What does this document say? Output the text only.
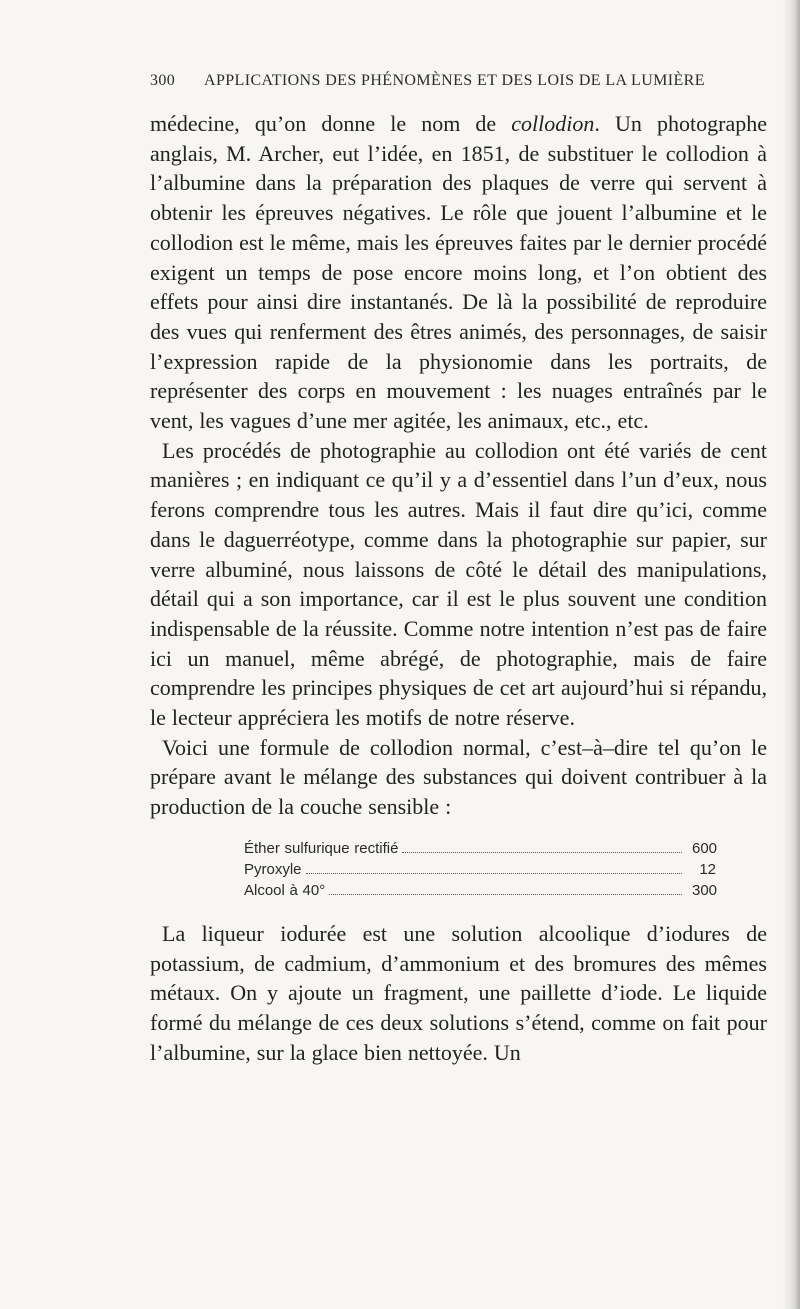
300 APPLICATIONS DES PHÉNOMÈNES ET DES LOIS DE LA LUMIÈRE

médecine, qu’on donne le nom de collodion. Un photographe anglais, M. Archer, eut l’idée, en 1851, de substituer le collodion à l’albumine dans la préparation des plaques de verre qui servent à obtenir les épreuves négatives. Le rôle que jouent l’albumine et le collodion est le même, mais les épreuves faites par le dernier procédé exigent un temps de pose encore moins long, et l’on obtient des effets pour ainsi dire instantanés. De là la possibilité de reproduire des vues qui renferment des êtres animés, des personnages, de saisir l’expression rapide de la physionomie dans les portraits, de représenter des corps en mouvement : les nuages entraînés par le vent, les vagues d’une mer agitée, les animaux, etc., etc.

Les procédés de photographie au collodion ont été variés de cent manières ; en indiquant ce qu’il y a d’essentiel dans l’un d’eux, nous ferons comprendre tous les autres. Mais il faut dire qu’ici, comme dans le daguerréotype, comme dans la photographie sur papier, sur verre albuminé, nous laissons de côté le détail des manipulations, détail qui a son importance, car il est le plus souvent une condition indispensable de la réussite. Comme notre intention n’est pas de faire ici un manuel, même abrégé, de photographie, mais de faire comprendre les principes physiques de cet art aujourd’hui si répandu, le lecteur appréciera les motifs de notre réserve.

Voici une formule de collodion normal, c’est–à–dire tel qu’on le prépare avant le mélange des substances qui doivent contribuer à la production de la couche sensible :

Éther sulfurique rectifié	600
Pyroxyle	12
Alcool à 40°	300

La liqueur iodurée est une solution alcoolique d’iodures de potassium, de cadmium, d’ammonium et des bromures des mêmes métaux. On y ajoute un fragment, une paillette d’iode. Le liquide formé du mélange de ces deux solutions s’étend, comme on fait pour l’albumine, sur la glace bien nettoyée. Un
